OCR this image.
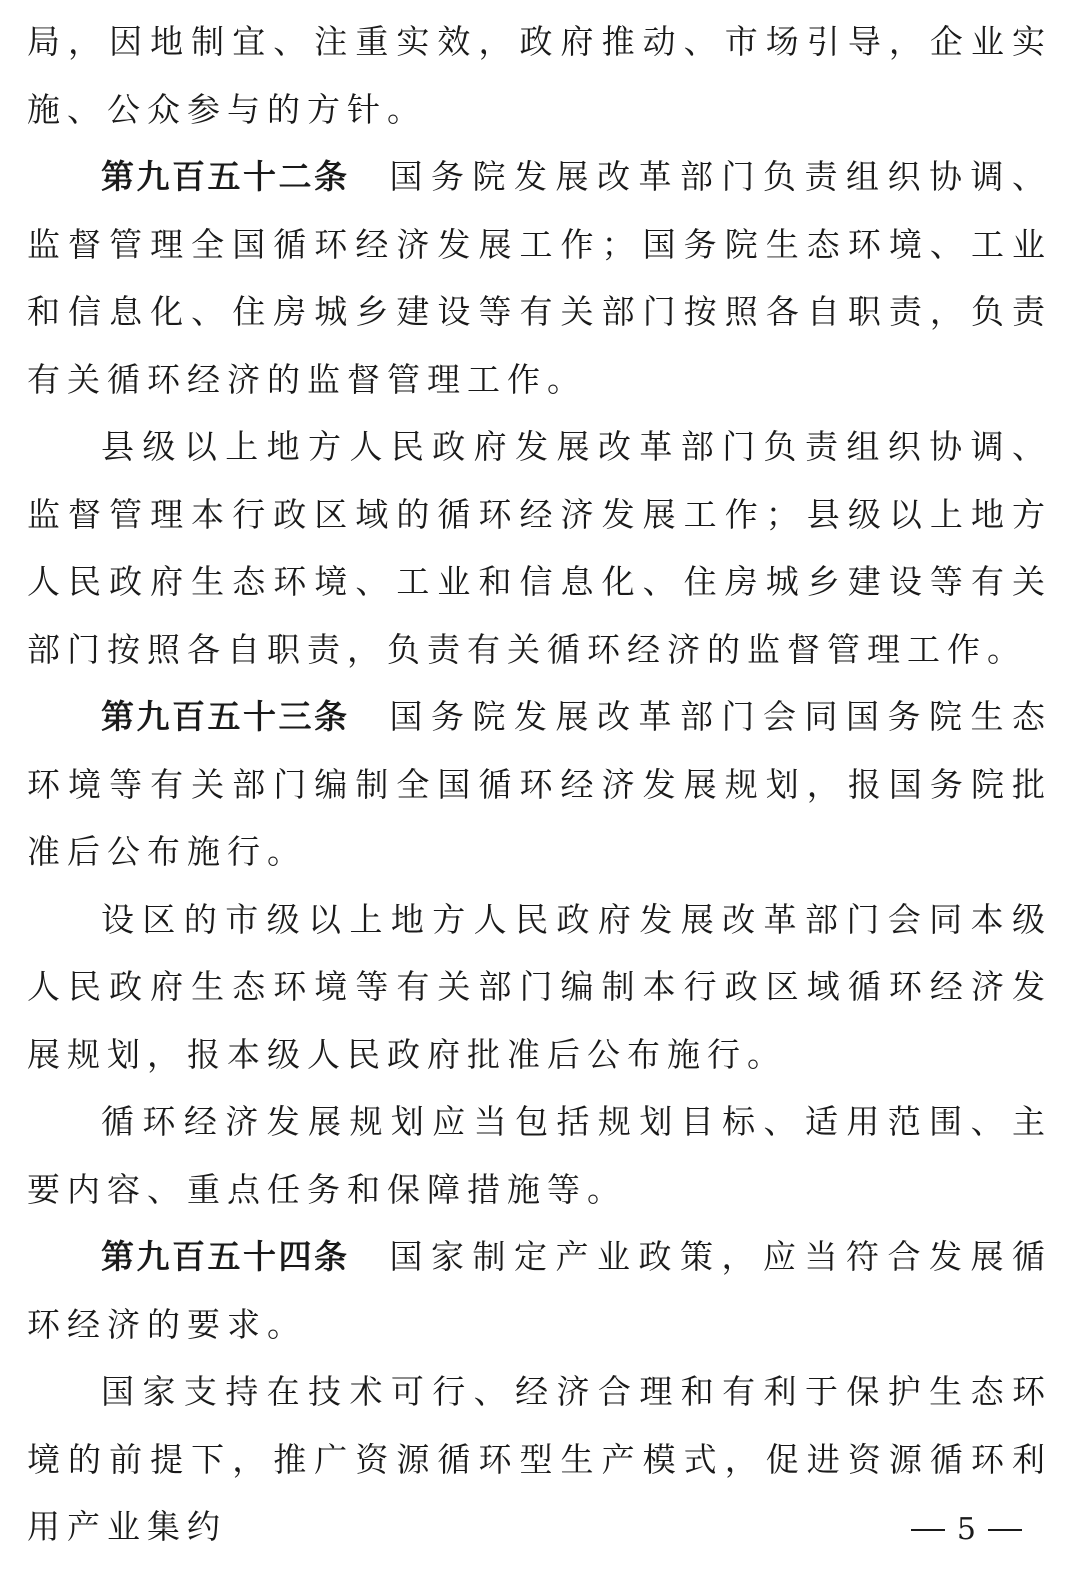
局，因地制宜、注重实效，政府推动、市场引导，企业实施、公众参与的方针。

第九百五十二条 国务院发展改革部门负责组织协调、监督管理全国循环经济发展工作；国务院生态环境、工业和信息化、住房城乡建设等有关部门按照各自职责，负责有关循环经济的监督管理工作。

县级以上地方人民政府发展改革部门负责组织协调、监督管理本行政区域的循环经济发展工作；县级以上地方人民政府生态环境、工业和信息化、住房城乡建设等有关部门按照各自职责，负责有关循环经济的监督管理工作。

第九百五十三条 国务院发展改革部门会同国务院生态环境等有关部门编制全国循环经济发展规划，报国务院批准后公布施行。

设区的市级以上地方人民政府发展改革部门会同本级人民政府生态环境等有关部门编制本行政区域循环经济发展规划，报本级人民政府批准后公布施行。

循环经济发展规划应当包括规划目标、适用范围、主要内容、重点任务和保障措施等。

第九百五十四条 国家制定产业政策，应当符合发展循环经济的要求。

国家支持在技术可行、经济合理和有利于保护生态环境的前提下，推广资源循环型生产模式，促进资源循环利用产业集约	5
